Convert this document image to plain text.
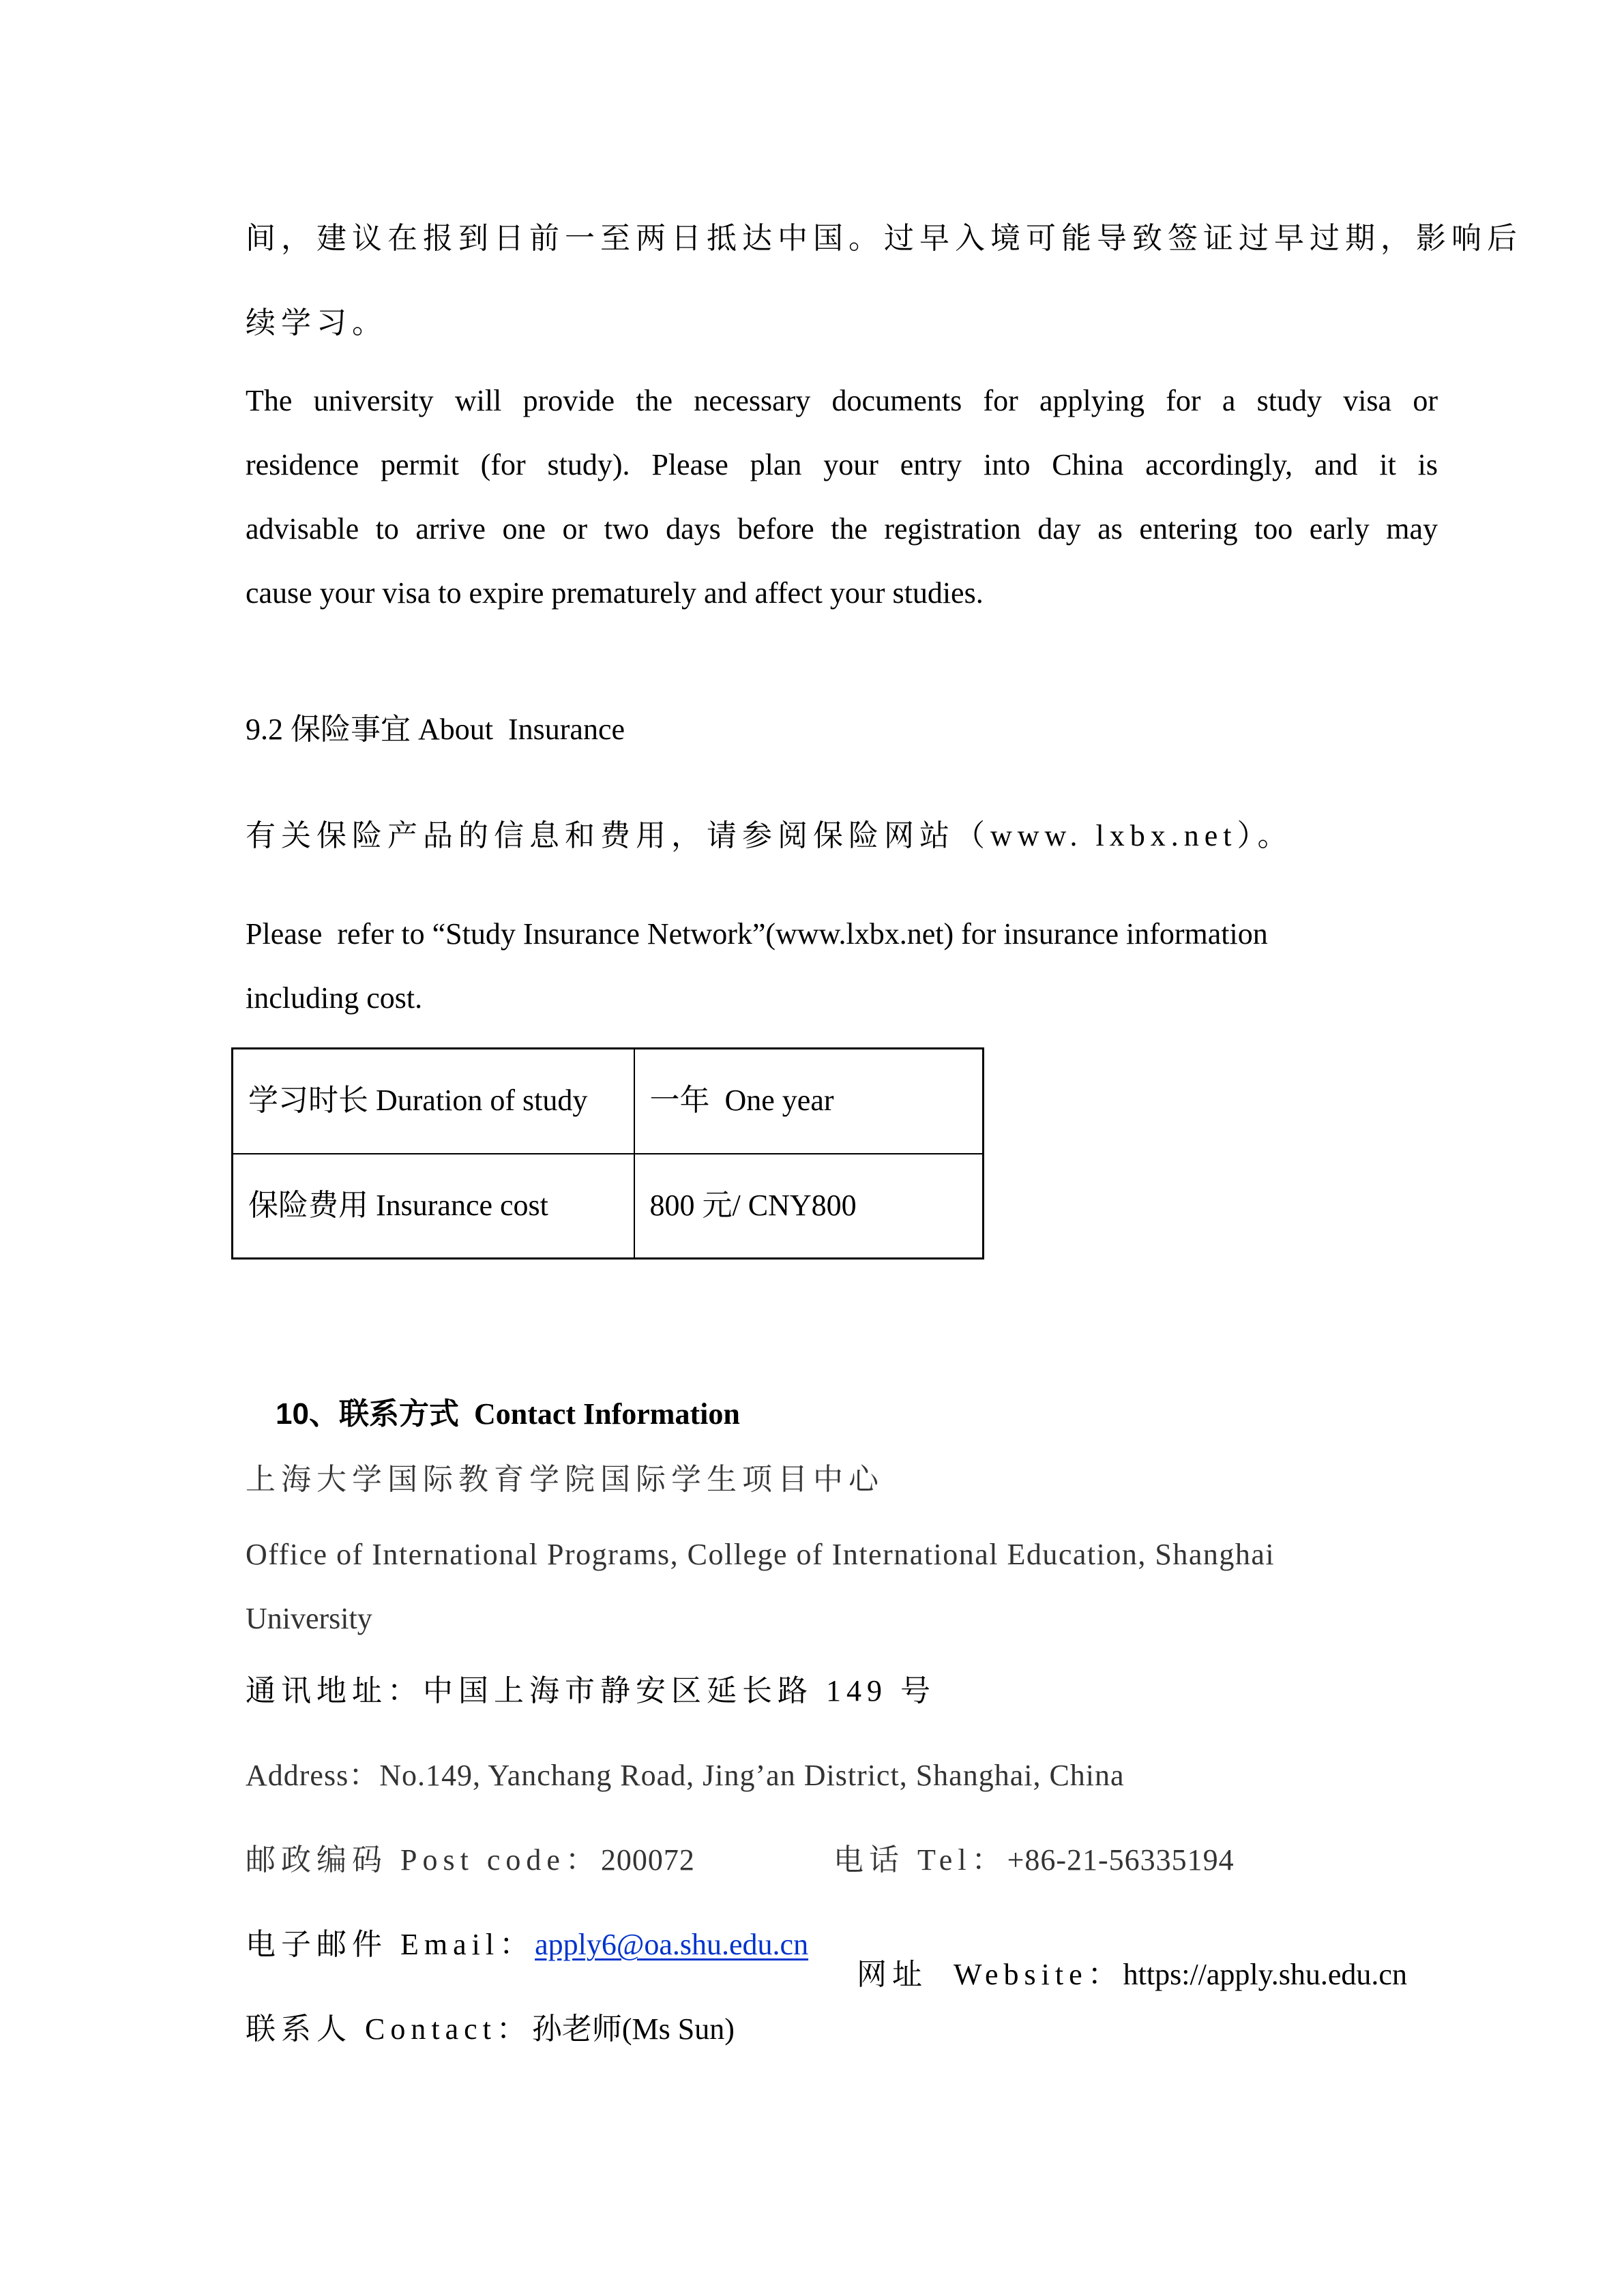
间，建议在报到日前一至两日抵达中国。过早入境可能导致签证过早过期，影响后
续学习。
The university will provide the necessary documents for applying for a study visa or
residence permit (for study). Please plan your entry into China accordingly, and it is
advisable to arrive one or two days before the registration day as entering too early may
cause your visa to expire prematurely and affect your studies.
9.2 保险事宜 About  Insurance
有关保险产品的信息和费用，请参阅保险网站（www. lxbx.net）。
Please  refer to “Study Insurance Network”(www.lxbx.net) for insurance information
including cost.
学习时长 Duration of study	一年  One year
保险费用 Insurance cost	800 元/ CNY800

10、联系方式  Contact Information

上海大学国际教育学院国际学生项目中心
Office of International Programs, College of International Education, Shanghai
University
通讯地址：中国上海市静安区延长路 149 号
Address：No.149, Yanchang Road, Jing’an District, Shanghai, China
邮政编码 Post code：200072	电话 Tel：+86-21-56335194
电子邮件 Email：apply6@oa.shu.edu.cn

网址  Website：https://apply.shu.edu.cn

联系人 Contact：孙老师(Ms Sun)
